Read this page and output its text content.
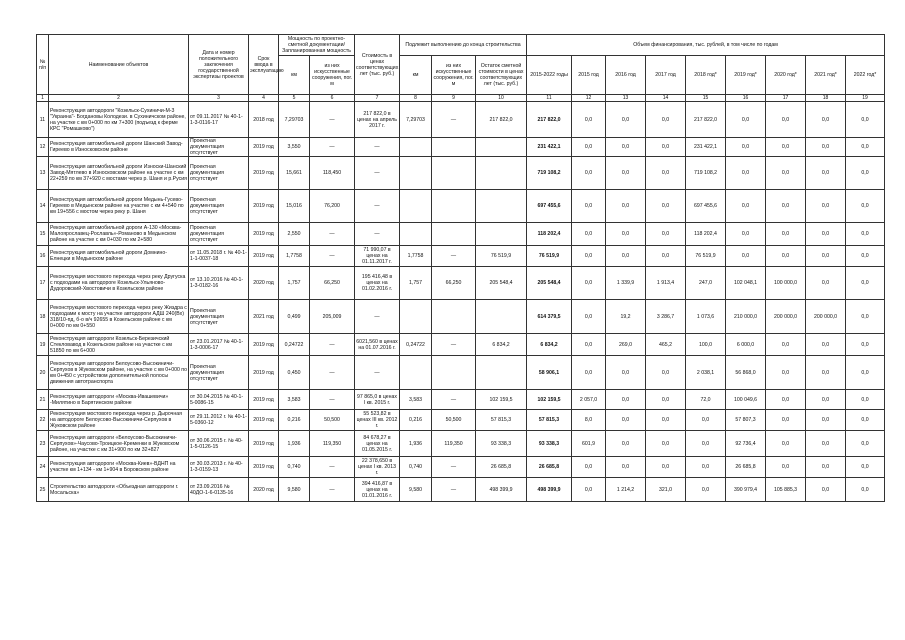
№ п/п	Наименование объектов	Дата и номер положительного заключения государственной экспертизы проектов	Срок ввода в эксплуатацию	Мощность по проектно-сметной документации/ Запланированная мощность		Стоимость в ценах соответствующих лет (тыс. руб.)	Подлежит выполнению до конца строительства			Объем финансирования, тыс. рублей, в том числе по годам								
				км	из них искусственные сооружения, пог. м		км	из них искусственные сооружения, пог. м	Остаток сметной стоимости в ценах соответствующих лет (тыс. руб.)	2015-2022 годы	2015 год	2016 год	2017 год	2018 год*	2019 год*	2020 год*	2021 год*	2022 год*
1	2	3	4	5	6	7	8	9	10	11	12	13	14	15	16	17	18	19
11	Реконструкция автодороги "Козельск-Сухиничи-М-3 "Украина"- Богдановы Колодези. в Сухиничском районе, на участке с км 0+000 по км 7+300 (подъезд к ферме КРС "Ромашково")	от 09.11.2017 № 40-1-1-3-0116-17	2018 год	7,29703	—	217 822,0 в ценах на апрель 2017 г.	7,29703	—	217 822,0	217 822,0	0,0	0,0	0,0	217 822,0	0,0	0,0	0,0	0,0
12	Реконструкция автомобильной дороги Шанский Завод-Гиреево в Износковском районе	Проектная документация отсутствует	2019 год	3,550	—	—				231 422,1	0,0	0,0	0,0	231 422,1	0,0	0,0	0,0	0,0
13	Реконструкция автомобильной дороги Износки-Шанский Завод-Мятлево в Износковском районе на участке с км 22+259 по км 37+920 с мостами через р. Шаня и р.Русия	Проектная документация отсутствует	2019 год	15,661	118,450	—				719 108,2	0,0	0,0	0,0	719 108,2	0,0	0,0	0,0	0,0
14	Реконструкция автомобильной дороги Медынь-Гусево-Гиреево в Медынском районе на участке с км 4+540 по км 19+556 с мостом через реку р. Шаня	Проектная документация отсутствует	2019 год	15,016	76,200	—				697 455,6	0,0	0,0	0,0	697 455,6	0,0	0,0	0,0	0,0
15	Реконструкция автомобильной дороги А-130 «Москва-Малоярославец-Рославль»-Романово в Медынском районе на участке с км 0+030 по км 2+580	Проектная документация отсутствует	2019 год	2,550	—	—				118 202,4	0,0	0,0	0,0	118 202,4	0,0	0,0	0,0	0,0
16	Реконструкция автомобильной дороги Домнино-Елнецки в Медынском районе	от 11.05.2018 г. № 40-1-1-1-0037-18	2019 год	1,7758	—	71 990,07 в ценах на 01.11.2017 г.	1,7758	—	76 519,9	76 519,9	0,0	0,0	0,0	76 519,9	0,0	0,0	0,0	0,0
17	Реконструкция мостового перехода через реку Другуска с подходами на автодороге Козельск-Ульяново-Дудоровский-Хвостовичи в Козельском районе	от 13.10.2016 № 40-1-1-3-0182-16	2020 год	1,757	66,250	195 416,48 в ценах на 01.02.2016 г.	1,757	66,250	205 548,4	205 548,4	0,0	1 339,9	1 913,4	247,0	102 048,1	100 000,0	0,0	0,0
18	Реконструкция мостового перехода через реку Жиздра с подходами к мосту на участке автодороги АДШ 240(Вх) 318/10-пд, б-о в/ч 92655 в Козельском районе с км 0+000 по км 0+550	Проектная документация отсутствует	2021 год	0,499	205,009	—				614 379,5	0,0	19,2	3 286,7	1 073,6	210 000,0	200 000,0	200 000,0	0,0
19	Реконструкция автодороги Козельск-Березичский Стекловавод в Козельском районе на участке с км 51850 по км 6+000	от 23.01.2017 № 40-1-1-3-0006-17	2019 год	0,24722	—	6021,560 в ценах на 01.07.2016 г.	0,24722	—	6 834,2	6 834,2	0,0	269,0	465,2	100,0	6 000,0	0,0	0,0	0,0
20	Реконструкция автодороги Белоусово-Высокиничи-Серпухов в Жуковском районе, на участке с км 0+000 по км 0+450 с устройством дополнительной полосы движения автотранспорта	Проектная документация отсутствует	2019 год	0,450	—	—				58 906,1	0,0	0,0	0,0	2 038,1	56 868,0	0,0	0,0	0,0
21	Реконструкция автодороги «Москва-Ивашевичи» -Милятино в Барятинском районе	от 30.04.2015 № 40-1-5-0086-15	2019 год	3,583	—	97 865,0 в ценах I кв. 2015 г.	3,583	—	102 159,5	102 159,5	2 057,0	0,0	0,0	72,0	100 049,6	0,0	0,0	0,0
22	Реконструкция мостового перехода через р. Дырочная на автодороге Белоусово-Высокиничи-Серпухов в Жуковском районе	от 29.11.2012 г. № 40-1-5-0360-12	2019 год	0,216	50,500	55 523,82 в ценах III кв. 2012 г.	0,216	50,500	57 815,3	57 815,3	8,0	0,0	0,0	0,0	57 807,3	0,0	0,0	0,0
23	Реконструкция автодороги «Белоусово-Высокиничи-Серпухов»-Чаусово-Троицкое-Кременки в Жуковском районе, на участке с км 31+900 по км 32+827	от 30.06.2015 г. № 40-1-5-0126-15	2019 год	1,936	119,350	84 678,27 в ценах на 01.05.2015 г.	1,936	119,350	93 338,3	93 338,3	601,9	0,0	0,0	0,0	92 736,4	0,0	0,0	0,0
24	Реконструкция автодороги «Москва-Киев»-ВДНП на участке км 1+134 - км 1+904 в Боровском районе	от 30.03.2013 г. № 40-1-3-0159-13	2019 год	0,740	—	22 378,650 в ценах I кв. 2013 г.	0,740	—	26 685,8	26 685,8	0,0	0,0	0,0	0,0	26 685,8	0,0	0,0	0,0
25	Строительство автодороги «Объездная автодороги г. Мосальска»	от 23.09.2016 № 40ДО-1-6-0135-16	2020 год	9,580	—	394 416,87 в ценах на 01.01.2016 г.	9,580	—	498 399,9	498 399,9	0,0	1 214,2	321,0	0,0	390 979,4	105 885,3	0,0	0,0
